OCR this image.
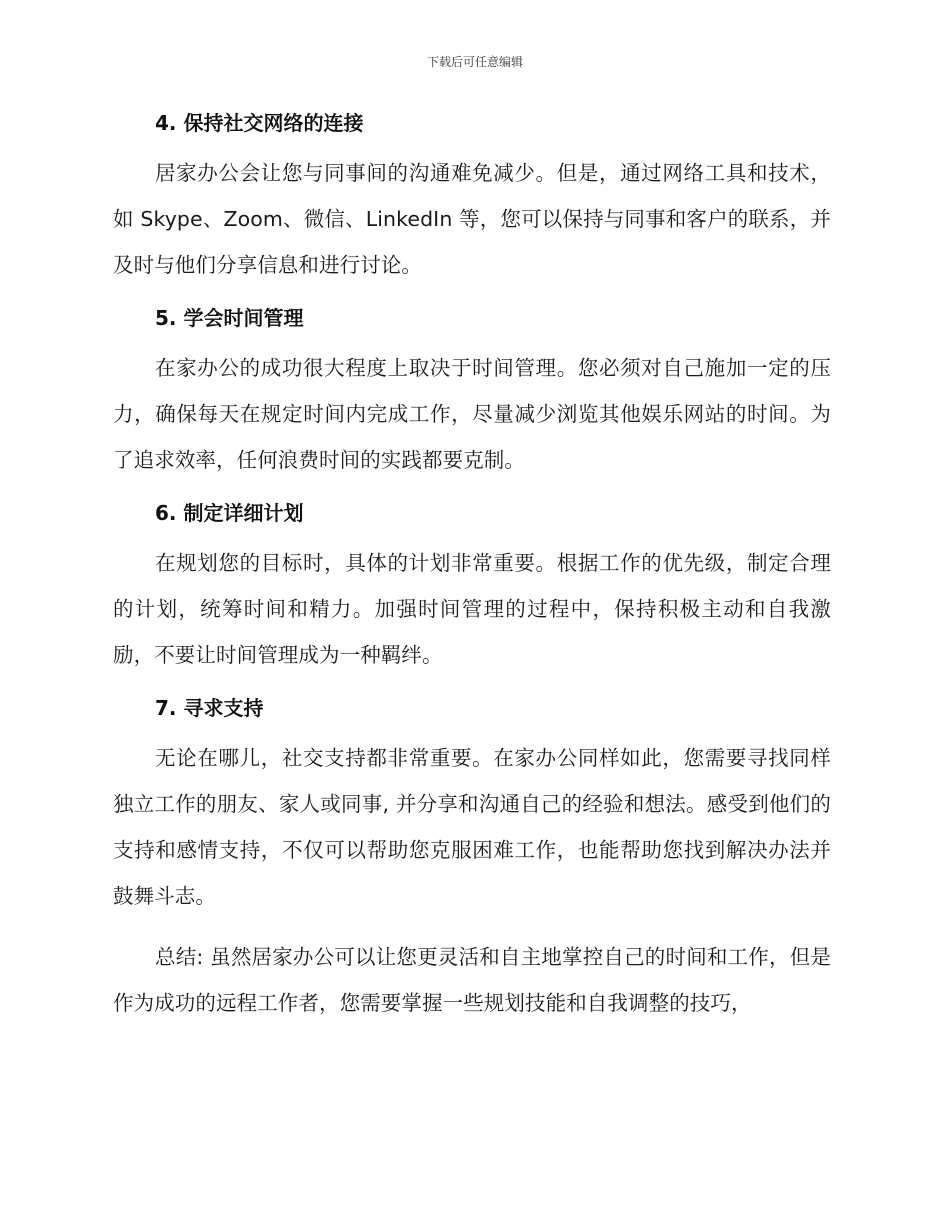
下载后可任意编辑
4. 保持社交网络的连接

居家办公会让您与同事间的沟通难免减少。但是，通过网络工具和技术，如 Skype、Zoom、微信、LinkedIn 等，您可以保持与同事和客户的联系，并及时与他们分享信息和进行讨论。

5. 学会时间管理

在家办公的成功很大程度上取决于时间管理。您必须对自己施加一定的压力，确保每天在规定时间内完成工作，尽量减少浏览其他娱乐网站的时间。为了追求效率，任何浪费时间的实践都要克制。

6. 制定详细计划

在规划您的目标时，具体的计划非常重要。根据工作的优先级，制定合理的计划，统筹时间和精力。加强时间管理的过程中，保持积极主动和自我激励，不要让时间管理成为一种羁绊。

7. 寻求支持

无论在哪儿，社交支持都非常重要。在家办公同样如此，您需要寻找同样独立工作的朋友、家人或同事, 并分享和沟通自己的经验和想法。感受到他们的支持和感情支持，不仅可以帮助您克服困难工作，也能帮助您找到解决办法并鼓舞斗志。

总结: 虽然居家办公可以让您更灵活和自主地掌控自己的时间和工作，但是作为成功的远程工作者，您需要掌握一些规划技能和自我调整的技巧，
